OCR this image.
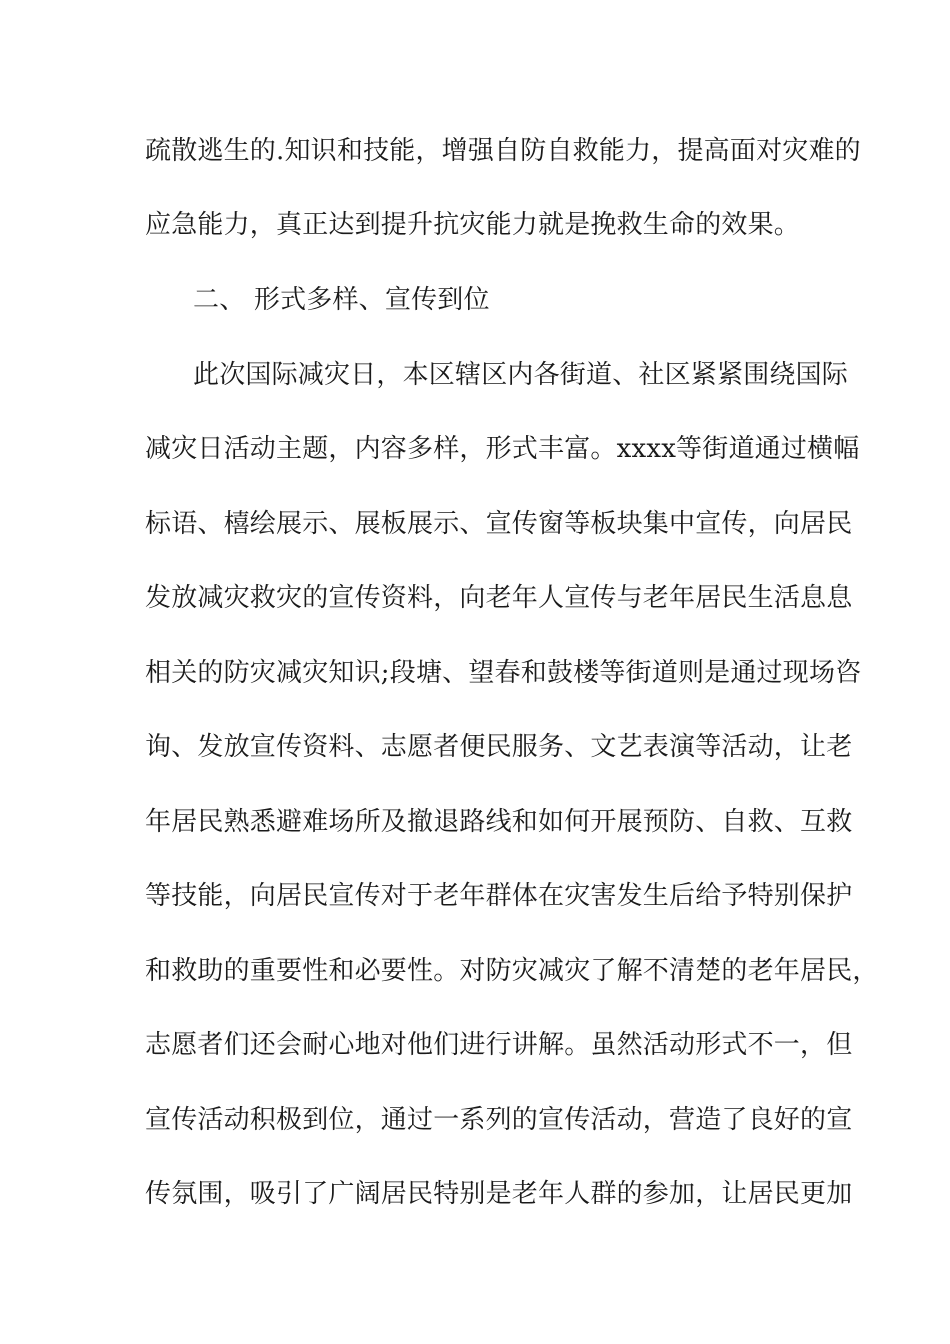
疏散逃生的.知识和技能，增强自防自救能力，提高面对灾难的
应急能力，真正达到提升抗灾能力就是挽救生命的效果。
二、 形式多样、宣传到位
此次国际减灾日，本区辖区内各街道、社区紧紧围绕国际
减灾日活动主题，内容多样，形式丰富。xxxx等街道通过横幅
标语、橲绘展示、展板展示、宣传窗等板块集中宣传，向居民
发放减灾救灾的宣传资料，向老年人宣传与老年居民生活息息
相关的防灾减灾知识;段塘、望春和鼓楼等街道则是通过现场咨
询、发放宣传资料、志愿者便民服务、文艺表演等活动，让老
年居民熟悉避难场所及撤退路线和如何开展预防、自救、互救
等技能，向居民宣传对于老年群体在灾害发生后给予特别保护
和救助的重要性和必要性。对防灾减灾了解不清楚的老年居民，
志愿者们还会耐心地对他们进行讲解。虽然活动形式不一，但
宣传活动积极到位，通过一系列的宣传活动，营造了良好的宣
传氛围，吸引了广阔居民特别是老年人群的参加，让居民更加
